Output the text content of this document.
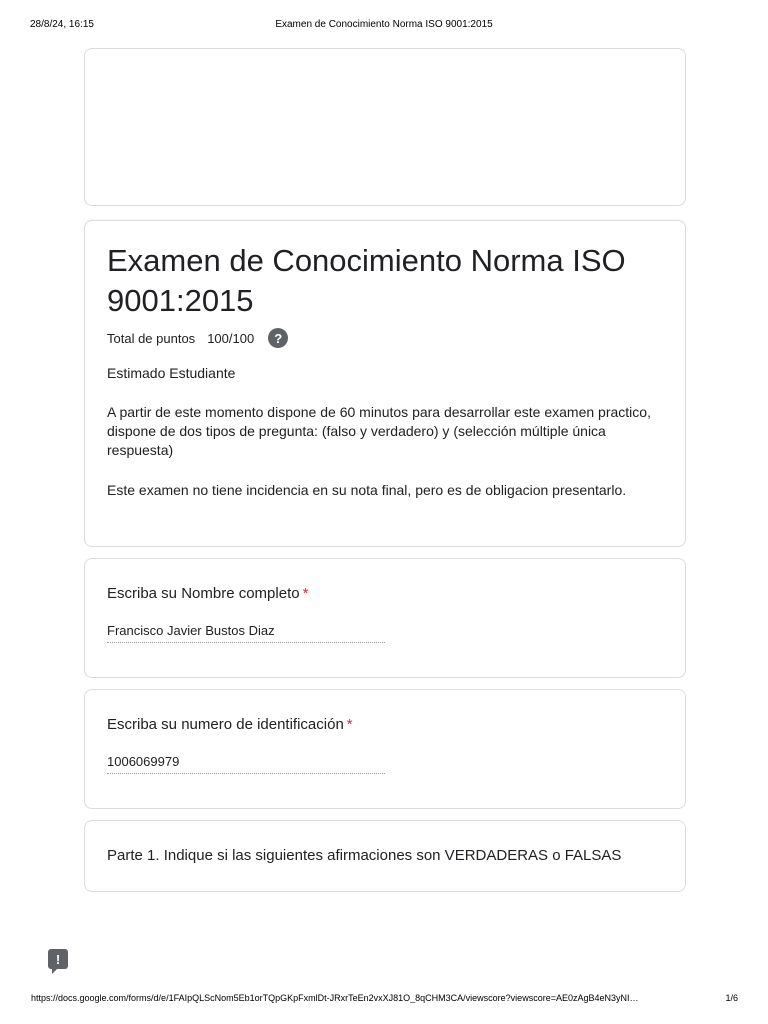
28/8/24, 16:15	Examen de Conocimiento Norma ISO 9001:2015
Examen de Conocimiento Norma ISO 9001:2015
Total de puntos 100/100	?
Estimado Estudiante
A partir de este momento dispone de 60 minutos para desarrollar este examen practico, dispone de dos tipos de pregunta: (falso y verdadero) y (selección múltiple única respuesta)
Este examen no tiene incidencia en su nota final, pero es de obligacion presentarlo.
Escriba su Nombre completo *
Francisco Javier Bustos Diaz
Escriba su numero de identificación *
1006069979
Parte 1. Indique si las siguientes afirmaciones son VERDADERAS o FALSAS
!
https://docs.google.com/forms/d/e/1FAIpQLScNom5Eb1orTQpGKpFxmlDt-JRxrTeEn2vxXJ81O_8qCHM3CA/viewscore?viewscore=AE0zAgB4eN3yNI…	1/6
